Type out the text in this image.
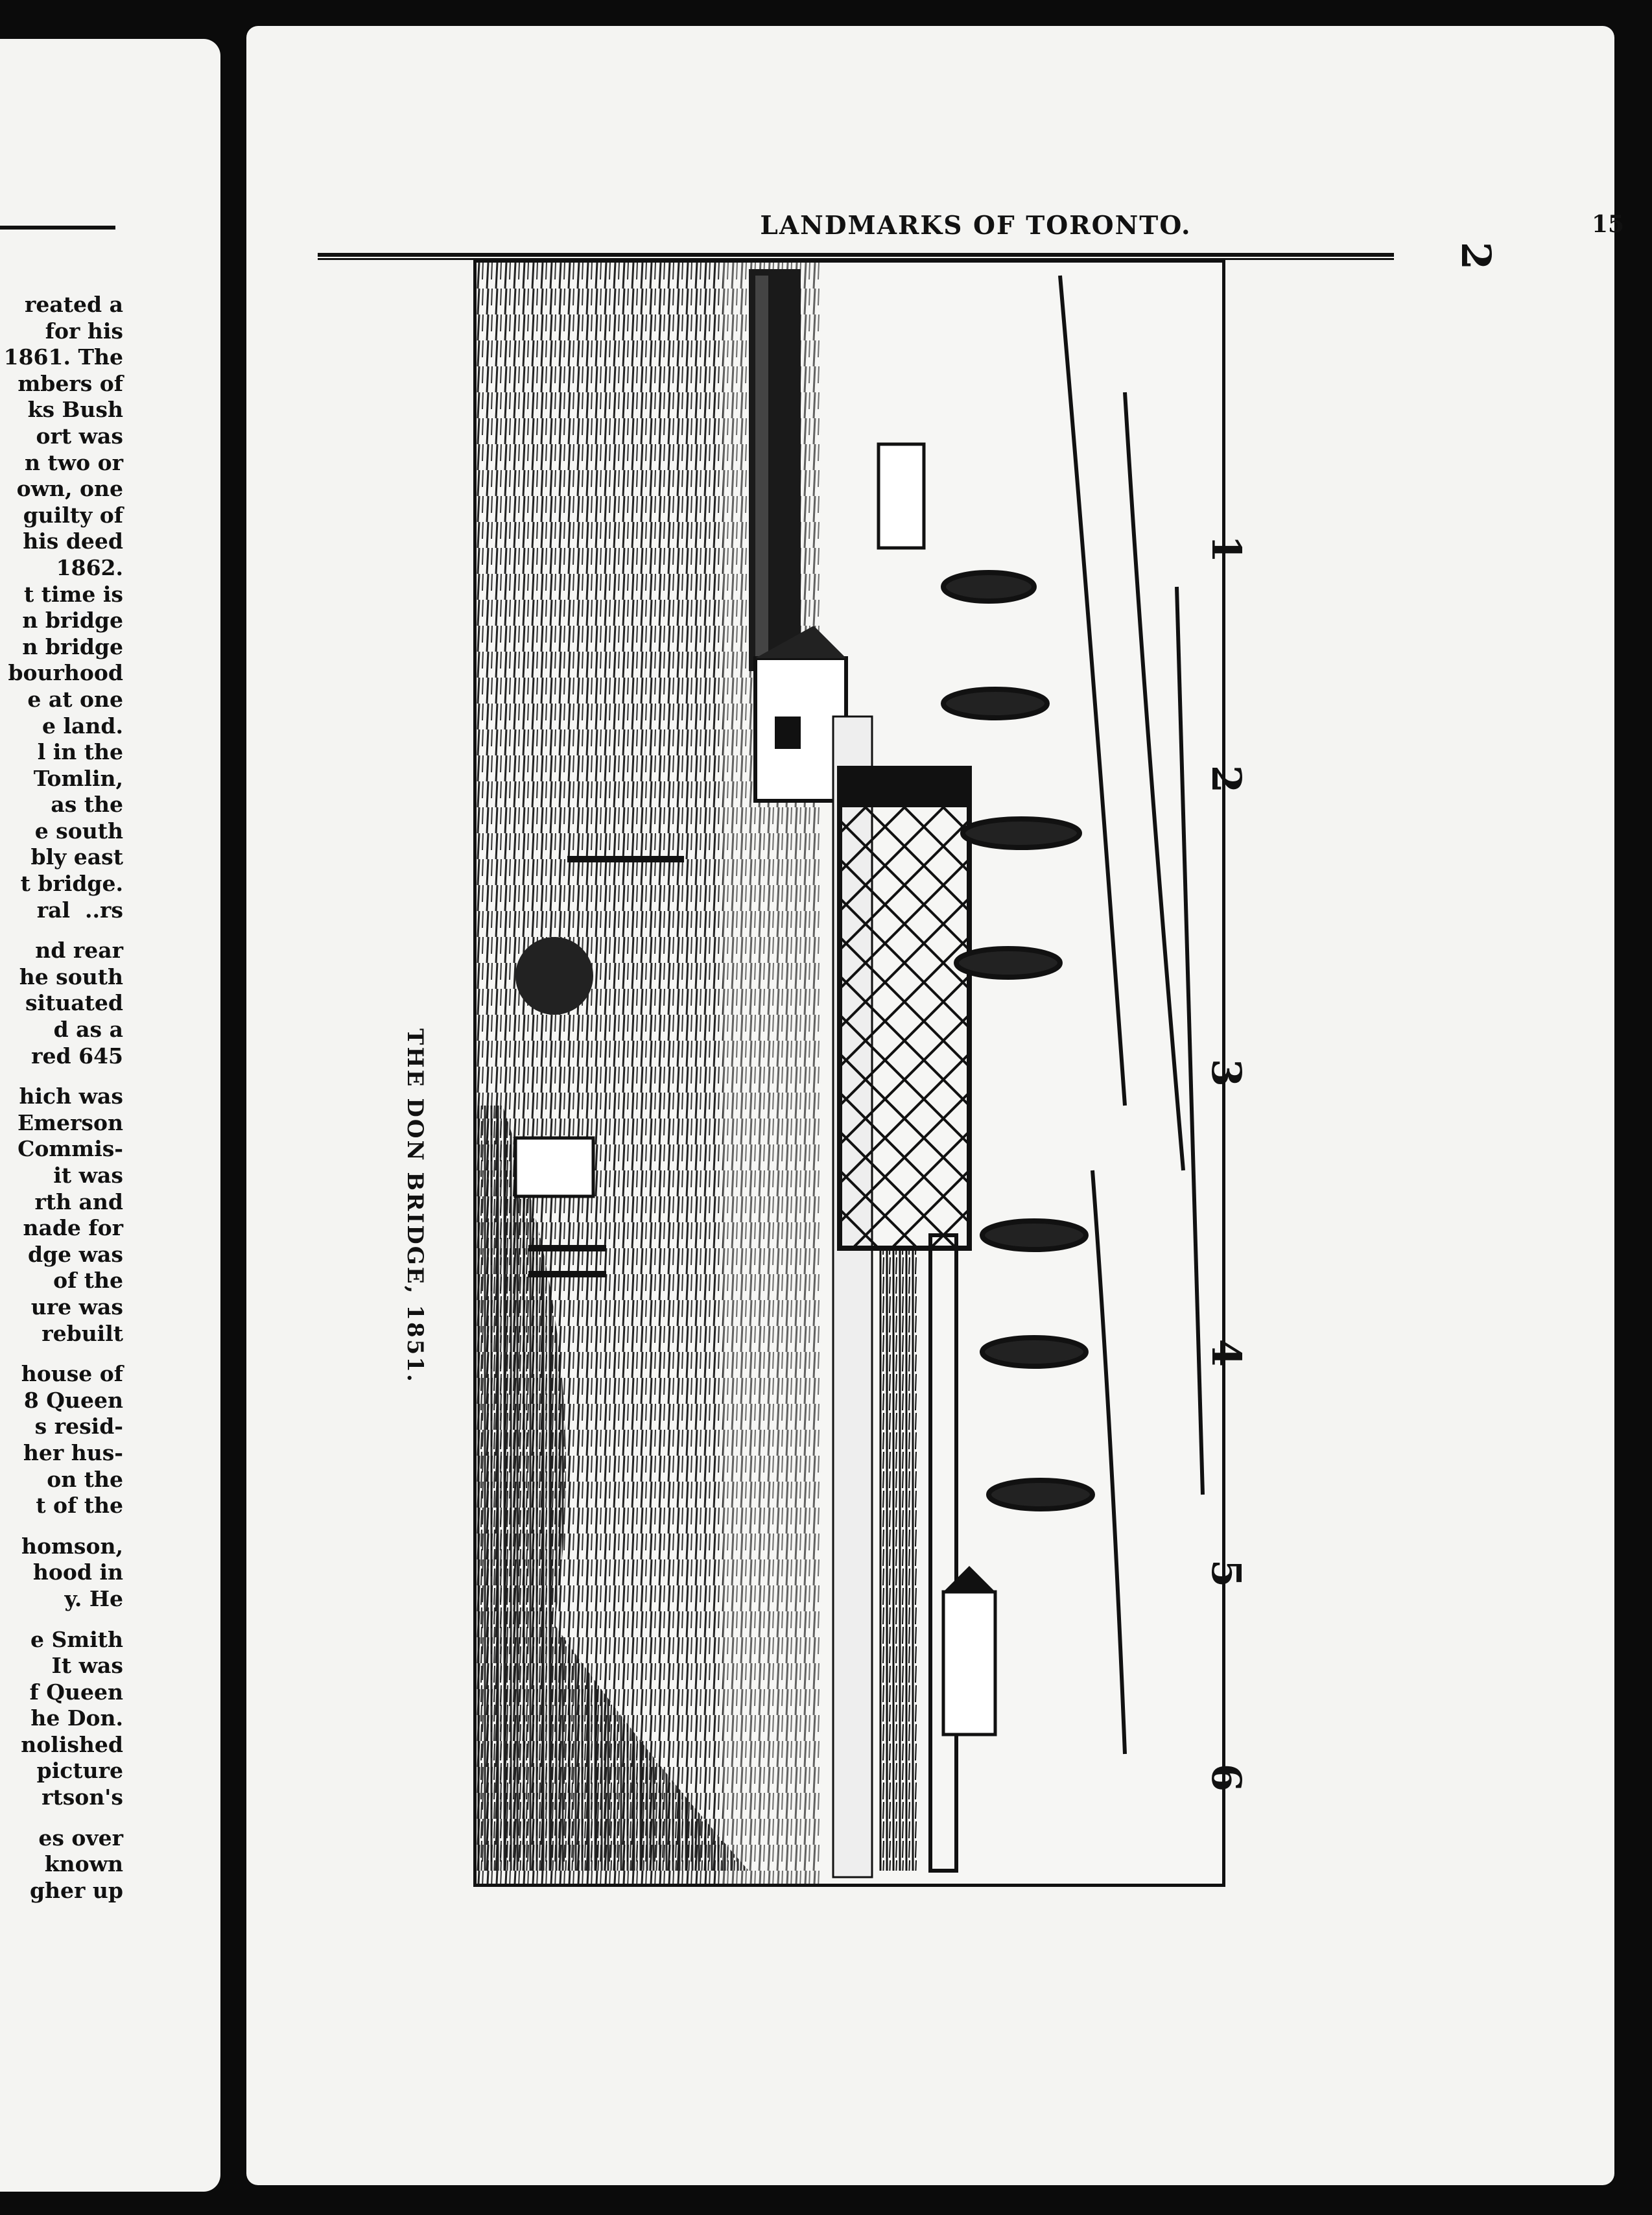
reated a
for his
1861. The
mbers of
ks Bush
ort was
n two or
own, one
guilty of
his deed
1862.
t time is
n bridge
n bridge
bourhood
e at one
e land.
l in the
Tomlin,
as the
e south
bly east
t bridge.
ral  ..rs
nd rear
he south
situated
d as a
red 645
hich was
Emerson
Commis-
it was
rth and
nade for
dge was
of the
ure was
rebuilt
house of
8 Queen
s resid-
her hus-
on the
t of the
homson,
hood in
y. He
e Smith
It was
f Queen
he Don.
nolished
picture
rtson's
es over
known
gher up
LANDMARKS OF TORONTO.	15
THE DON BRIDGE, 1851.
2
1
2
3
4
5
6
